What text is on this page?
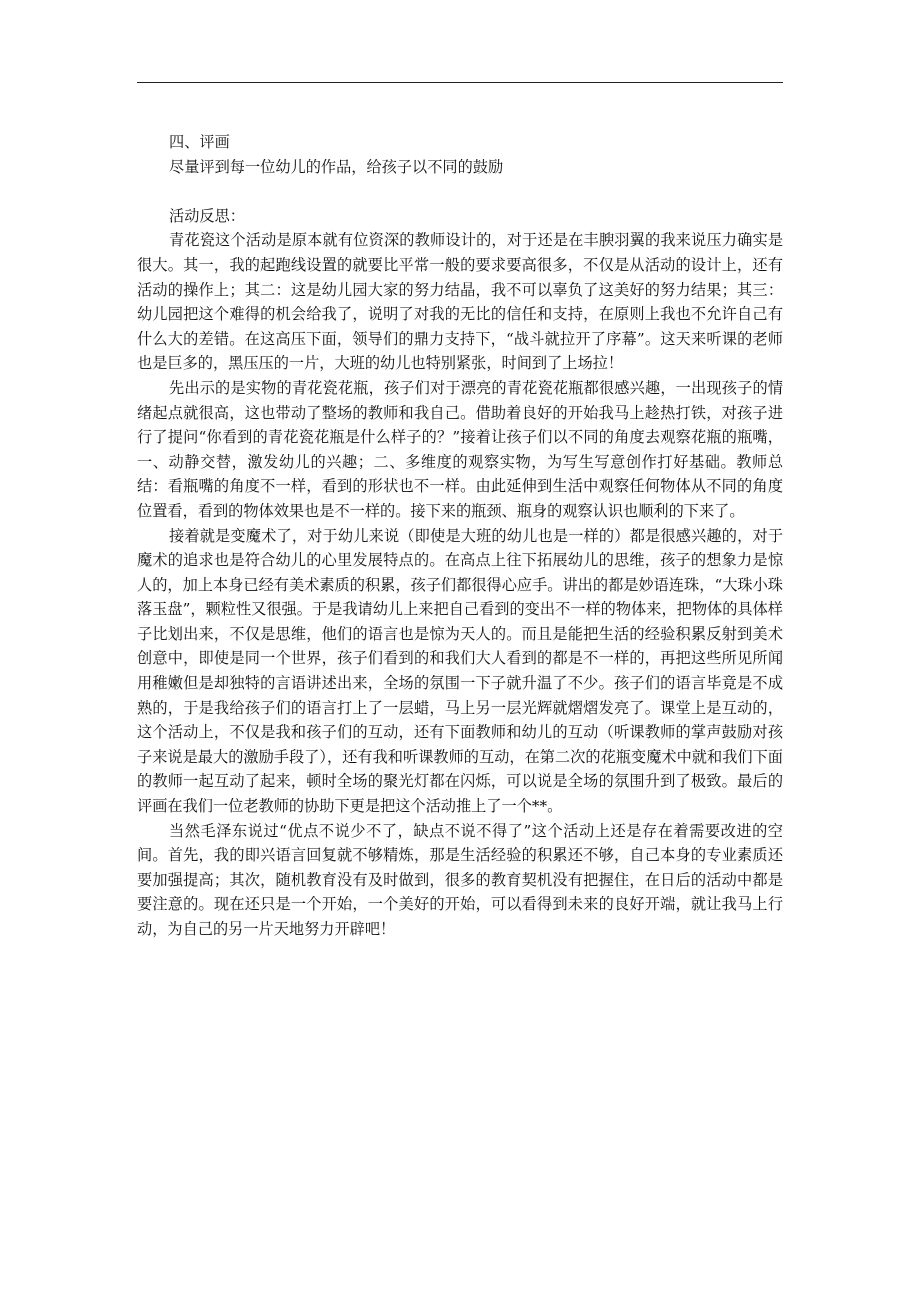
四、评画

尽量评到每一位幼儿的作品，给孩子以不同的鼓励

活动反思：

青花瓷这个活动是原本就有位资深的教师设计的，对于还是在丰腴羽翼的我来说压力确实是很大。其一，我的起跑线设置的就要比平常一般的要求要高很多，不仅是从活动的设计上，还有活动的操作上；其二：这是幼儿园大家的努力结晶，我不可以辜负了这美好的努力结果；其三：幼儿园把这个难得的机会给我了，说明了对我的无比的信任和支持，在原则上我也不允许自己有什么大的差错。在这高压下面，领导们的鼎力支持下，“战斗就拉开了序幕”。这天来听课的老师也是巨多的，黑压压的一片，大班的幼儿也特别紧张，时间到了上场拉！

先出示的是实物的青花瓷花瓶，孩子们对于漂亮的青花瓷花瓶都很感兴趣，一出现孩子的情绪起点就很高，这也带动了整场的教师和我自己。借助着良好的开始我马上趁热打铁，对孩子进行了提问“你看到的青花瓷花瓶是什么样子的？”接着让孩子们以不同的角度去观察花瓶的瓶嘴，一、动静交替，激发幼儿的兴趣；二、多维度的观察实物，为写生写意创作打好基础。教师总结：看瓶嘴的角度不一样，看到的形状也不一样。由此延伸到生活中观察任何物体从不同的角度位置看，看到的物体效果也是不一样的。接下来的瓶颈、瓶身的观察认识也顺利的下来了。

接着就是变魔术了，对于幼儿来说（即使是大班的幼儿也是一样的）都是很感兴趣的，对于魔术的追求也是符合幼儿的心里发展特点的。在高点上往下拓展幼儿的思维，孩子的想象力是惊人的，加上本身已经有美术素质的积累，孩子们都很得心应手。讲出的都是妙语连珠，“大珠小珠落玉盘”，颗粒性又很强。于是我请幼儿上来把自己看到的变出不一样的物体来，把物体的具体样子比划出来，不仅是思维，他们的语言也是惊为天人的。而且是能把生活的经验积累反射到美术创意中，即使是同一个世界，孩子们看到的和我们大人看到的都是不一样的，再把这些所见所闻用稚嫩但是却独特的言语讲述出来，全场的氛围一下子就升温了不少。孩子们的语言毕竟是不成熟的，于是我给孩子们的语言打上了一层蜡，马上另一层光辉就熠熠发亮了。课堂上是互动的，这个活动上，不仅是我和孩子们的互动，还有下面教师和幼儿的互动（听课教师的掌声鼓励对孩子来说是最大的激励手段了），还有我和听课教师的互动，在第二次的花瓶变魔术中就和我们下面的教师一起互动了起来，顿时全场的聚光灯都在闪烁，可以说是全场的氛围升到了极致。最后的评画在我们一位老教师的协助下更是把这个活动推上了一个**。

当然毛泽东说过“优点不说少不了，缺点不说不得了”这个活动上还是存在着需要改进的空间。首先，我的即兴语言回复就不够精炼，那是生活经验的积累还不够，自己本身的专业素质还要加强提高；其次，随机教育没有及时做到，很多的教育契机没有把握住，在日后的活动中都是要注意的。现在还只是一个开始，一个美好的开始，可以看得到未来的良好开端，就让我马上行动，为自己的另一片天地努力开辟吧！
